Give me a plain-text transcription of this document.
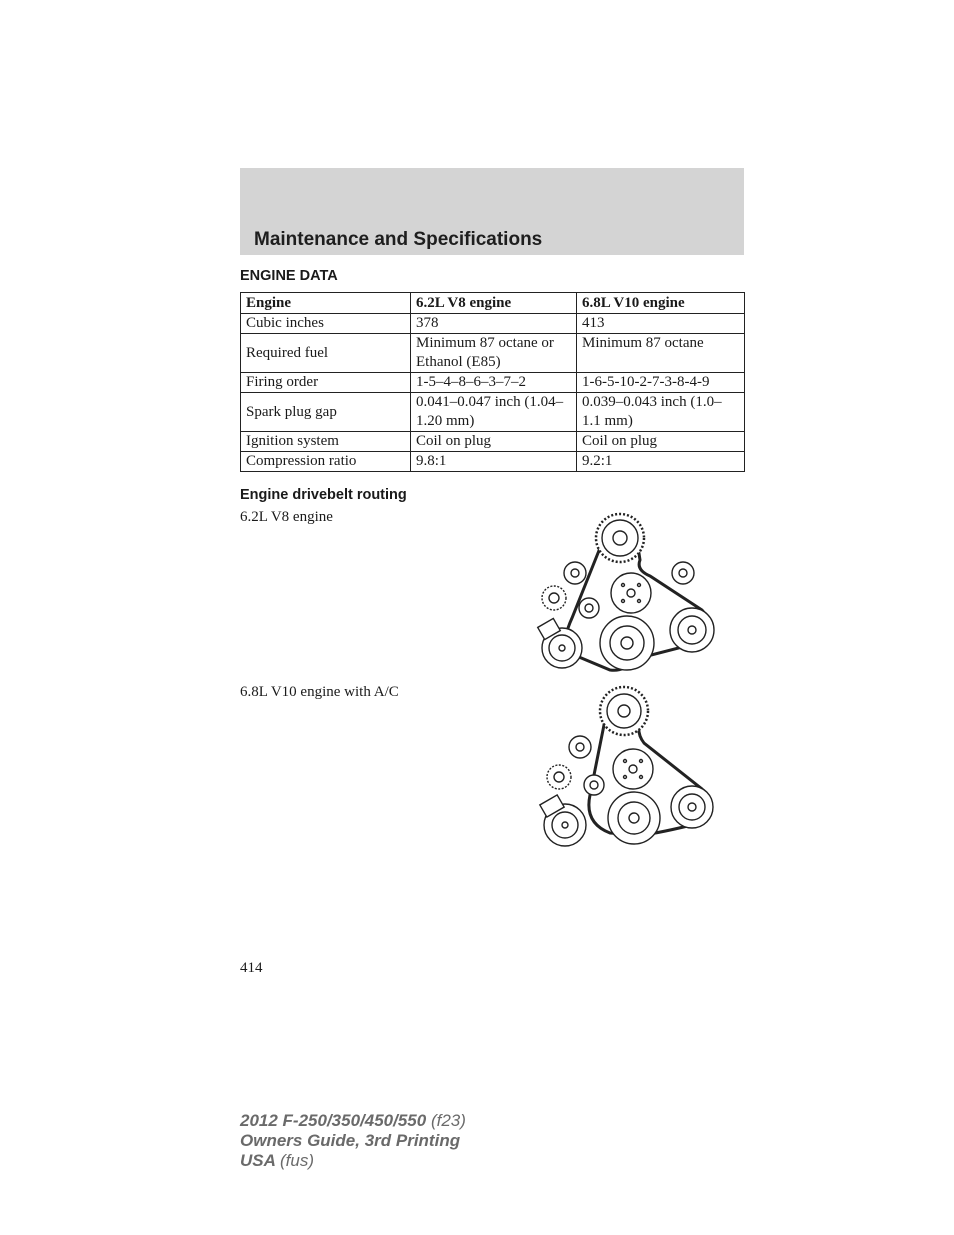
Maintenance and Specifications
ENGINE DATA
Engine	6.2L V8 engine	6.8L V10 engine
Cubic inches	378	413
Required fuel	Minimum 87 octane or Ethanol (E85)	Minimum 87 octane
Firing order	1-5–4–8–6–3–7–2	1-6-5-10-2-7-3-8-4-9
Spark plug gap	0.041–0.047 inch (1.04–1.20 mm)	0.039–0.043 inch (1.0–1.1 mm)
Ignition system	Coil on plug	Coil on plug
Compression ratio	9.8:1	9.2:1
Engine drivebelt routing
6.2L V8 engine
6.8L V10 engine with A/C
414
2012 F-250/350/450/550 (f23)
Owners Guide, 3rd Printing
USA (fus)
